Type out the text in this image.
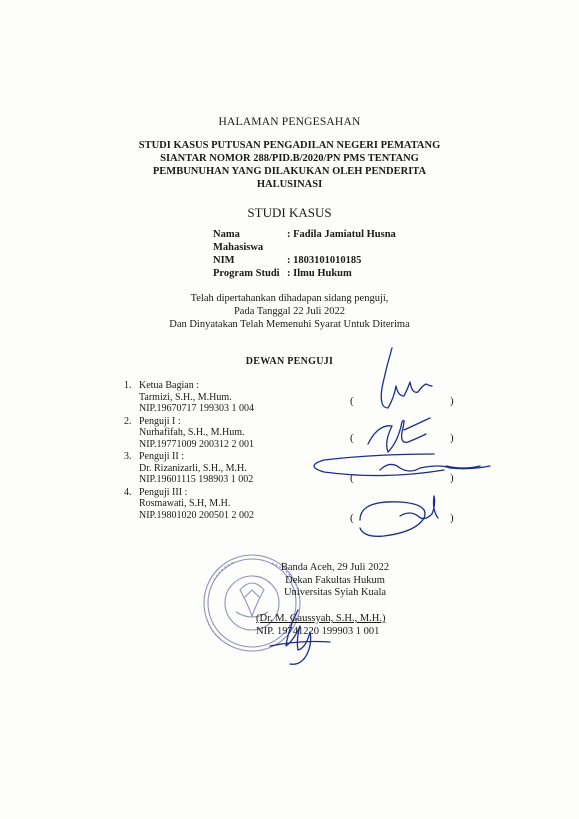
HALAMAN PENGESAHAN
STUDI KASUS PUTUSAN PENGADILAN NEGERI PEMATANG
SIANTAR NOMOR 288/PID.B/2020/PN PMS TENTANG
PEMBUNUHAN YANG DILAKUKAN OLEH PENDERITA
HALUSINASI
STUDI KASUS
Nama Mahasiswa
: Fadila Jamiatul Husna
NIM	: 1803101010185
Program Studi : Ilmu Hukum
Telah dipertahankan dihadapan sidang penguji,
Pada Tanggal 22 Juli 2022
Dan Dinyatakan Telah Memenuhi Syarat Untuk Diterima
DEWAN PENGUJI
1. Ketua Bagian :
Tarmizi, S.H., M.Hum.
NIP.19670717 199303 1 004
2. Penguji I :
Nurhafifah, S.H., M.Hum.
NIP.19771009 200312 2 001
3. Penguji II :
Dr. Rizanizarli, S.H., M.H.
NIP.19601115 198903 1 002
4. Penguji III :
Rosmawati, S.H, M.H.
NIP.19801020 200501 2 002
(	)
(	)
(	)
(	)
Banda Aceh, 29 Juli 2022
Dekan Fakultas Hukum
Universitas Syiah Kuala
(Dr. M. Gaussyah, S.H., M.H.)
NIP. 19741220 199903 1 001
